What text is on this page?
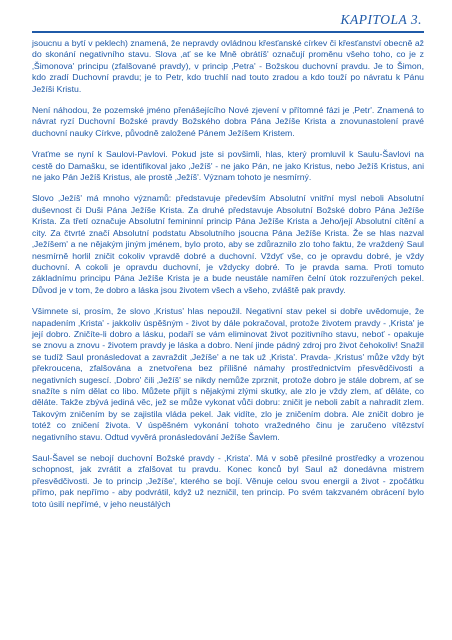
KAPITOLA 3.

jsoucnu a bytí v peklech) znamená, že nepravdy ovládnou křesťanské církev či křesťanství obecně až do skonání negativního stavu. Slova ‚ať se ke Mně obrátíš' označují proměnu všeho toho, co je z ‚Šimonova' principu (zfalšované pravdy), v princip ‚Petra' - Božskou duchovní pravdu. Je to Šimon, kdo zradí Duchovní pravdu; je to Petr, kdo truchlí nad touto zradou a kdo touží po návratu k Pánu Ježíši Kristu.

Není náhodou, že pozemské jméno přenášejícího Nové zjevení v přítomné fázi je ‚Petr'. Znamená to návrat ryzí Duchovní Božské pravdy Božského dobra Pána Ježíše Krista a znovunastolení pravé duchovní nauky Církve, původně založené Pánem Ježíšem Kristem.

Vraťme se nyní k Saulovi-Pavlovi. Pokud jste si povšimli, hlas, který promluvil k Saulu-Šavlovi na cestě do Damašku, se identifikoval jako ‚Ježíš' - ne jako Pán, ne jako Kristus, nebo Ježíš Kristus, ani ne jako Pán Ježíš Kristus, ale prostě ‚Ježíš'. Význam tohoto je nesmírný.

Slovo ‚Ježíš' má mnoho významů: představuje především Absolutní vnitřní mysl neboli Absolutní duševnost či Duši Pána Ježíše Krista. Za druhé představuje Absolutní Božské dobro Pána Ježíše Krista. Za třetí označuje Absolutní femininní princip Pána Ježíše Krista a Jeho/její Absolutní cítění a city. Za čtvrté značí Absolutní podstatu Absolutního jsoucna Pána Ježíše Krista. Že se hlas nazval ‚Ježíšem' a ne nějakým jiným jménem, bylo proto, aby se zdůraznilo zlo toho faktu, že vraždený Saul nesmírně horlil zničit cokoliv vpravdě dobré a duchovní. Vždyť vše, co je opravdu dobré, je vždy duchovní. A cokoli je opravdu duchovní, je vždycky dobré. To je pravda sama. Proti tomuto základnímu principu Pána Ježíše Krista je a bude neustále namířen čelní útok rozzuřených pekel. Důvod je v tom, že dobro a láska jsou životem všech a všeho, zvláště pak pravdy.

Všimnete si, prosím, že slovo ‚Kristus' hlas nepoužil. Negativní stav pekel si dobře uvědomuje, že napadením ‚Krista' - jakkoliv úspěšným - život by dále pokračoval, protože životem pravdy - ‚Krista' je její dobro. Zničíte-li dobro a lásku, podaří se vám eliminovat život pozitivního stavu, neboť - opakuje se znovu a znovu - životem pravdy je láska a dobro. Není jinde pádný zdroj pro život čehokoliv! Snažil se tudíž Saul pronásledovat a zavraždit ‚Ježíše' a ne tak už ‚Krista'. Pravda- ‚Kristus' může vždy být překroucena, zfalšována a znetvořena bez přílišné námahy prostřednictvím přesvědčivosti a negativních sugescí. ‚Dobro' čili ‚Ježíš' se nikdy nemůže zprznit, protože dobro je stále dobrem, ať se snažíte s ním dělat co libo. Můžete přijít s nějakými zlými skutky, ale zlo je vždy zlem, ať děláte, co děláte. Takže zbývá jediná věc, jež se může vykonat vůči dobru: zničit je neboli zabít a nahradit zlem. Takovým zničením by se zajistila vláda pekel. Jak vidíte, zlo je zničením dobra. Ale zničit dobro je totéž co zničení života. V úspěšném vykonání tohoto vražedného činu je zaručeno vítězství negativního stavu. Odtud vyvěrá pronásledování Ježíše Šavlem.

Saul-Šavel se nebojí duchovní Božské pravdy - ‚Krista'. Má v sobě přesilné prostředky a vrozenou schopnost, jak zvrátit a zfalšovat tu pravdu. Konec konců byl Saul až donedávna mistrem přesvědčivosti. Je to princip ‚Ježíše', kterého se bojí. Věnuje celou svou energii a život - zpočátku přímo, pak nepřímo - aby podvrátil, když už nezničil, ten princip. Po svém takzvaném obrácení bylo toto úsilí nepřímé, v jeho neustálých
